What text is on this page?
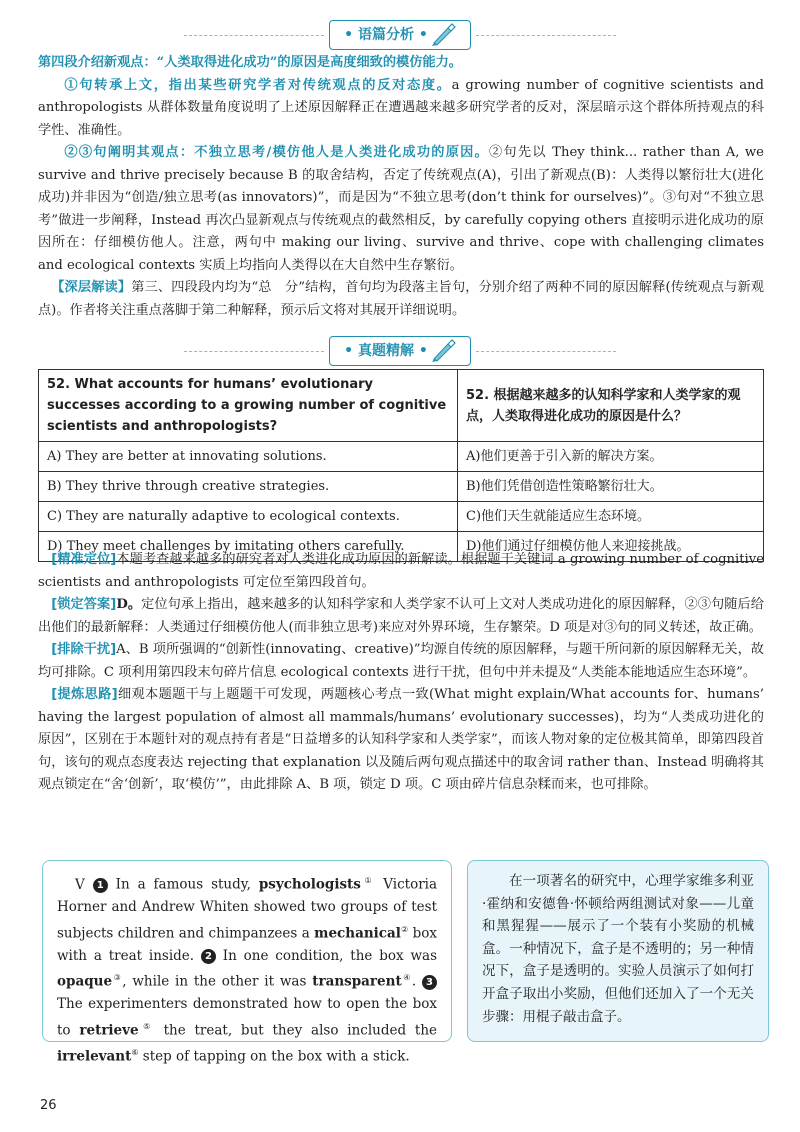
• 语篇分析 •
第四段介绍新观点：“人类取得进化成功”的原因是高度细致的模仿能力。
①句转承上文，指出某些研究学者对传统观点的反对态度。a growing number of cognitive scientists and anthropologists 从群体数量角度说明了上述原因解释正在遭遇越来越多研究学者的反对，深层暗示这个群体所持观点的科学性、准确性。
②③句阐明其观点：不独立思考/模仿他人是人类进化成功的原因。②句先以 They think... rather than A, we survive and thrive precisely because B 的取舍结构，否定了传统观点(A)，引出了新观点(B)：人类得以繁衍壮大(进化成功)并非因为“创造/独立思考(as innovators)”，而是因为“不独立思考(don’t think for ourselves)”。③句对“不独立思考”做进一步阐释，Instead 再次凸显新观点与传统观点的截然相反，by carefully copying others 直接明示进化成功的原因所在：仔细模仿他人。注意，两句中 making our living、survive and thrive、cope with challenging climates and ecological contexts 实质上均指向人类得以在大自然中生存繁衍。
【深层解读】第三、四段段内均为“总　分”结构，首句均为段落主旨句，分别介绍了两种不同的原因解释(传统观点与新观点)。作者将关注重点落脚于第二种解释，预示后文将对其展开详细说明。
• 真题精解 •
52. What accounts for humans’ evolutionary successes according to a growing number of cognitive scientists and anthropologists?	52. 根据越来越多的认知科学家和人类学家的观点，人类取得进化成功的原因是什么？
A) They are better at innovating solutions.	A)他们更善于引入新的解决方案。
B) They thrive through creative strategies.	B)他们凭借创造性策略繁衍壮大。
C) They are naturally adaptive to ecological contexts.	C)他们天生就能适应生态环境。
D) They meet challenges by imitating others carefully.	D)他们通过仔细模仿他人来迎接挑战。
[精准定位]本题考查越来越多的研究者对人类进化成功原因的新解读。根据题干关键词 a growing number of cognitive scientists and anthropologists 可定位至第四段首句。
[锁定答案]D。定位句承上指出，越来越多的认知科学家和人类学家不认可上文对人类成功进化的原因解释，②③句随后给出他们的最新解释：人类通过仔细模仿他人(而非独立思考)来应对外界环境，生存繁荣。D 项是对③句的同义转述，故正确。
[排除干扰]A、B 项所强调的“创新性(innovating、creative)”均源自传统的原因解释，与题干所问新的原因解释无关，故均可排除。C 项利用第四段末句碎片信息 ecological contexts 进行干扰，但句中并未提及“人类能本能地适应生态环境”。
[提炼思路]细观本题题干与上题题干可发现，两题核心考点一致(What might explain/What accounts for、humans’ having the largest population of almost all mammals/humans’ evolutionary successes)，均为“人类成功进化的原因”，区别在于本题针对的观点持有者是“日益增多的认知科学家和人类学家”，而该人物对象的定位极其简单，即第四段首句，该句的观点态度表达 rejecting that explanation 以及随后两句观点描述中的取舍词 rather than、Instead 明确将其观点锁定在“舍‘创新’，取‘模仿’”，由此排除 A、B 项，锁定 D 项。C 项由碎片信息杂糅而来，也可排除。
V 1 In a famous study, psychologists① Victoria Horner and Andrew Whiten showed two groups of test subjects children and chimpanzees a mechanical② box with a treat inside. 2 In one condition, the box was opaque③, while in the other it was transparent④. 3 The experimenters demonstrated how to open the box to retrieve⑤ the treat, but they also included the irrelevant⑥ step of tapping on the box with a stick.
在一项著名的研究中，心理学家维多利亚·霍纳和安德鲁·怀顿给两组测试对象——儿童和黑猩猩——展示了一个装有小奖励的机械盒。一种情况下，盒子是不透明的；另一种情况下，盒子是透明的。实验人员演示了如何打开盒子取出小奖励，但他们还加入了一个无关步骤：用棍子敲击盒子。
26
